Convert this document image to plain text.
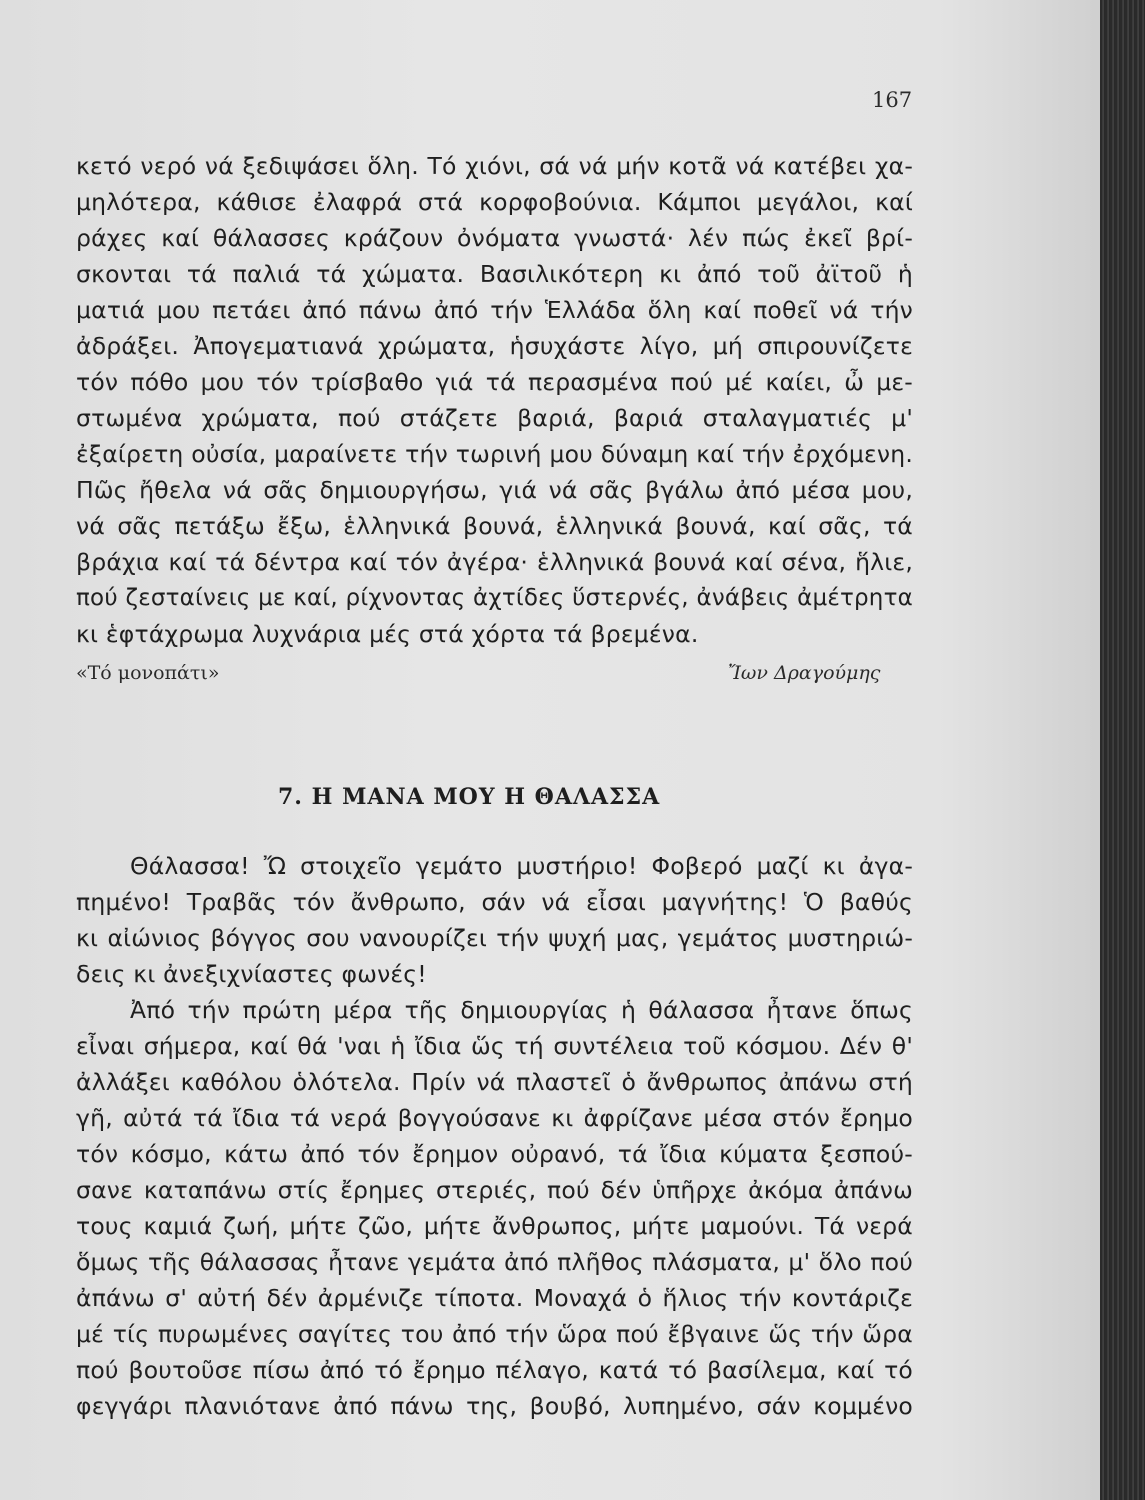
167
κετό νερό νά ξεδιψάσει ὅλη. Τό χιόνι, σά νά μήν κοτᾶ νά κατέβει χα-
μηλότερα, κάθισε ἐλαφρά στά κορφοβούνια. Κάμποι μεγάλοι, καί
ράχες καί θάλασσες κράζουν ὀνόματα γνωστά· λέν πώς ἐκεῖ βρί-
σκονται τά παλιά τά χώματα. Βασιλικότερη κι ἀπό τοῦ ἀϊτοῦ ἡ
ματιά μου πετάει ἀπό πάνω ἀπό τήν Ἑλλάδα ὅλη καί ποθεῖ νά τήν
ἀδράξει. Ἀπογεματιανά χρώματα, ἡσυχάστε λίγο, μή σπιρουνίζετε
τόν πόθο μου τόν τρίσβαθο γιά τά περασμένα πού μέ καίει, ὦ με-
στωμένα χρώματα, πού στάζετε βαριά, βαριά σταλαγματιές μ'
ἐξαίρετη οὐσία, μαραίνετε τήν τωρινή μου δύναμη καί τήν ἐρχόμενη.
Πῶς ἤθελα νά σᾶς δημιουργήσω, γιά νά σᾶς βγάλω ἀπό μέσα μου,
νά σᾶς πετάξω ἔξω, ἑλληνικά βουνά, ἑλληνικά βουνά, καί σᾶς, τά
βράχια καί τά δέντρα καί τόν ἀγέρα· ἑλληνικά βουνά καί σένα, ἥλιε,
πού ζεσταίνεις με καί, ρίχνοντας ἀχτίδες ὕστερνές, ἀνάβεις ἀμέτρητα
κι ἑφτάχρωμα λυχνάρια μές στά χόρτα τά βρεμένα.
«Τό μονοπάτι»	Ἴων Δραγούμης
7. Η ΜΑΝΑ ΜΟΥ Η ΘΑΛΑΣΣΑ
Θάλασσα! Ὤ στοιχεῖο γεμάτο μυστήριο! Φοβερό μαζί κι ἀγα-
πημένο! Τραβᾶς τόν ἄνθρωπο, σάν νά εἶσαι μαγνήτης! Ὁ βαθύς
κι αἰώνιος βόγγος σου νανουρίζει τήν ψυχή μας, γεμάτος μυστηριώ-
δεις κι ἀνεξιχνίαστες φωνές!
Ἀπό τήν πρώτη μέρα τῆς δημιουργίας ἡ θάλασσα ἦτανε ὅπως
εἶναι σήμερα, καί θά 'ναι ἡ ἴδια ὥς τή συντέλεια τοῦ κόσμου. Δέν θ'
ἀλλάξει καθόλου ὁλότελα. Πρίν νά πλαστεῖ ὁ ἄνθρωπος ἀπάνω στή
γῆ, αὐτά τά ἴδια τά νερά βογγούσανε κι ἀφρίζανε μέσα στόν ἔρημο
τόν κόσμο, κάτω ἀπό τόν ἔρημον οὐρανό, τά ἴδια κύματα ξεσπού-
σανε καταπάνω στίς ἔρημες στεριές, πού δέν ὑπῆρχε ἀκόμα ἀπάνω
τους καμιά ζωή, μήτε ζῶο, μήτε ἄνθρωπος, μήτε μαμούνι. Τά νερά
ὅμως τῆς θάλασσας ἦτανε γεμάτα ἀπό πλῆθος πλάσματα, μ' ὅλο πού
ἀπάνω σ' αὐτή δέν ἀρμένιζε τίποτα. Μοναχά ὁ ἥλιος τήν κοντάριζε
μέ τίς πυρωμένες σαγίτες του ἀπό τήν ὥρα πού ἔβγαινε ὥς τήν ὥρα
πού βουτοῦσε πίσω ἀπό τό ἔρημο πέλαγο, κατά τό βασίλεμα, καί τό
φεγγάρι πλανιότανε ἀπό πάνω της, βουβό, λυπημένο, σάν κομμένο
